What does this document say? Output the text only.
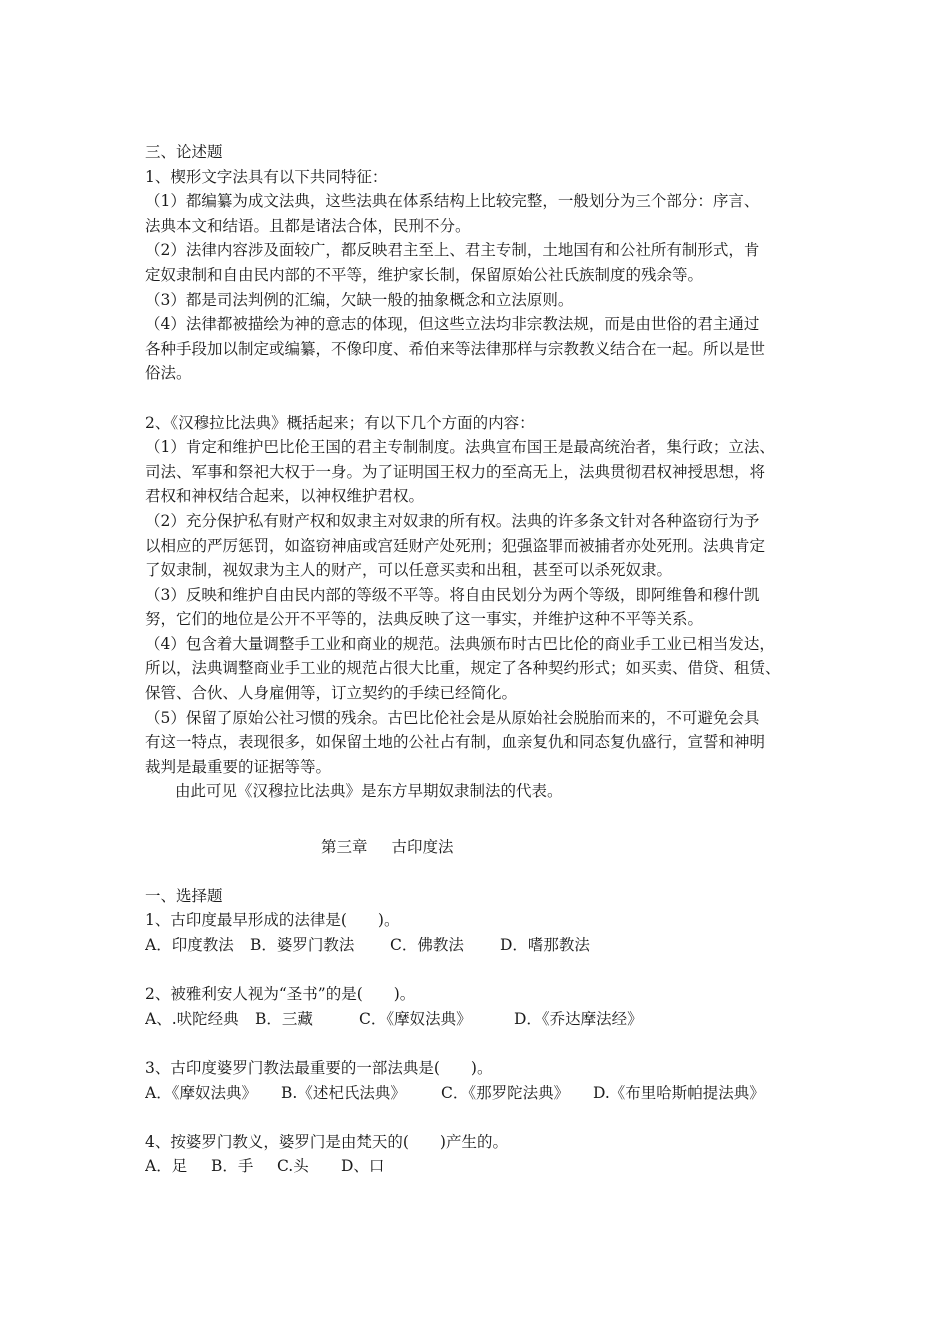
三、论述题
1、楔形文字法具有以下共同特征：
（1）都编纂为成文法典，这些法典在体系结构上比较完整，一般划分为三个部分：序言、
法典本文和结语。且都是诸法合体，民刑不分。
（2）法律内容涉及面较广，都反映君主至上、君主专制，土地国有和公社所有制形式，肯
定奴隶制和自由民内部的不平等，维护家长制，保留原始公社氏族制度的残余等。
（3）都是司法判例的汇编，欠缺一般的抽象概念和立法原则。
（4）法律都被描绘为神的意志的体现，但这些立法均非宗教法规，而是由世俗的君主通过
各种手段加以制定或编纂，不像印度、希伯来等法律那样与宗教教义结合在一起。所以是世
俗法。
2、《汉穆拉比法典》概括起来；有以下几个方面的内容：
（1）肯定和维护巴比伦王国的君主专制制度。法典宣布国王是最高统治者，集行政；立法、
司法、军事和祭祀大权于一身。为了证明国王权力的至高无上，法典贯彻君权神授思想，将
君权和神权结合起来，以神权维护君权。
（2）充分保护私有财产权和奴隶主对奴隶的所有权。法典的许多条文针对各种盗窃行为予
以相应的严厉惩罚，如盗窃神庙或宫廷财产处死刑；犯强盗罪而被捕者亦处死刑。法典肯定
了奴隶制，视奴隶为主人的财产，可以任意买卖和出租，甚至可以杀死奴隶。
（3）反映和维护自由民内部的等级不平等。将自由民划分为两个等级，即阿维鲁和穆什凯
努，它们的地位是公开不平等的，法典反映了这一事实，并维护这种不平等关系。
（4）包含着大量调整手工业和商业的规范。法典颁布时古巴比伦的商业手工业已相当发达，
所以，法典调整商业手工业的规范占很大比重，规定了各种契约形式；如买卖、借贷、租赁、
保管、合伙、人身雇佣等，订立契约的手续已经简化。
（5）保留了原始公社习惯的残余。古巴比伦社会是从原始社会脱胎而来的，不可避免会具
有这一特点，表现很多，如保留土地的公社占有制，血亲复仇和同态复仇盛行，宣誓和神明
裁判是最重要的证据等等。
由此可见《汉穆拉比法典》是东方早期奴隶制法的代表。
第三章 古印度法
一、选择题
1、古印度最早形成的法律是(　　)。
A．印度教法 B．婆罗门教法 C．佛教法 D．嗜那教法
2、被雅利安人视为“圣书”的是(　　)。
A、.吠陀经典 B．三藏	C．《摩奴法典》	D．《乔达摩法经》
3、古印度婆罗门教法最重要的一部法典是(　　)。
A．《摩奴法典》 B.《述杞氏法典》 C．《那罗陀法典》 D.《布里哈斯帕提法典》
4、按婆罗门教义，婆罗门是由梵天的(　　)产生的。
A．足 B．手 C.头 D、口
